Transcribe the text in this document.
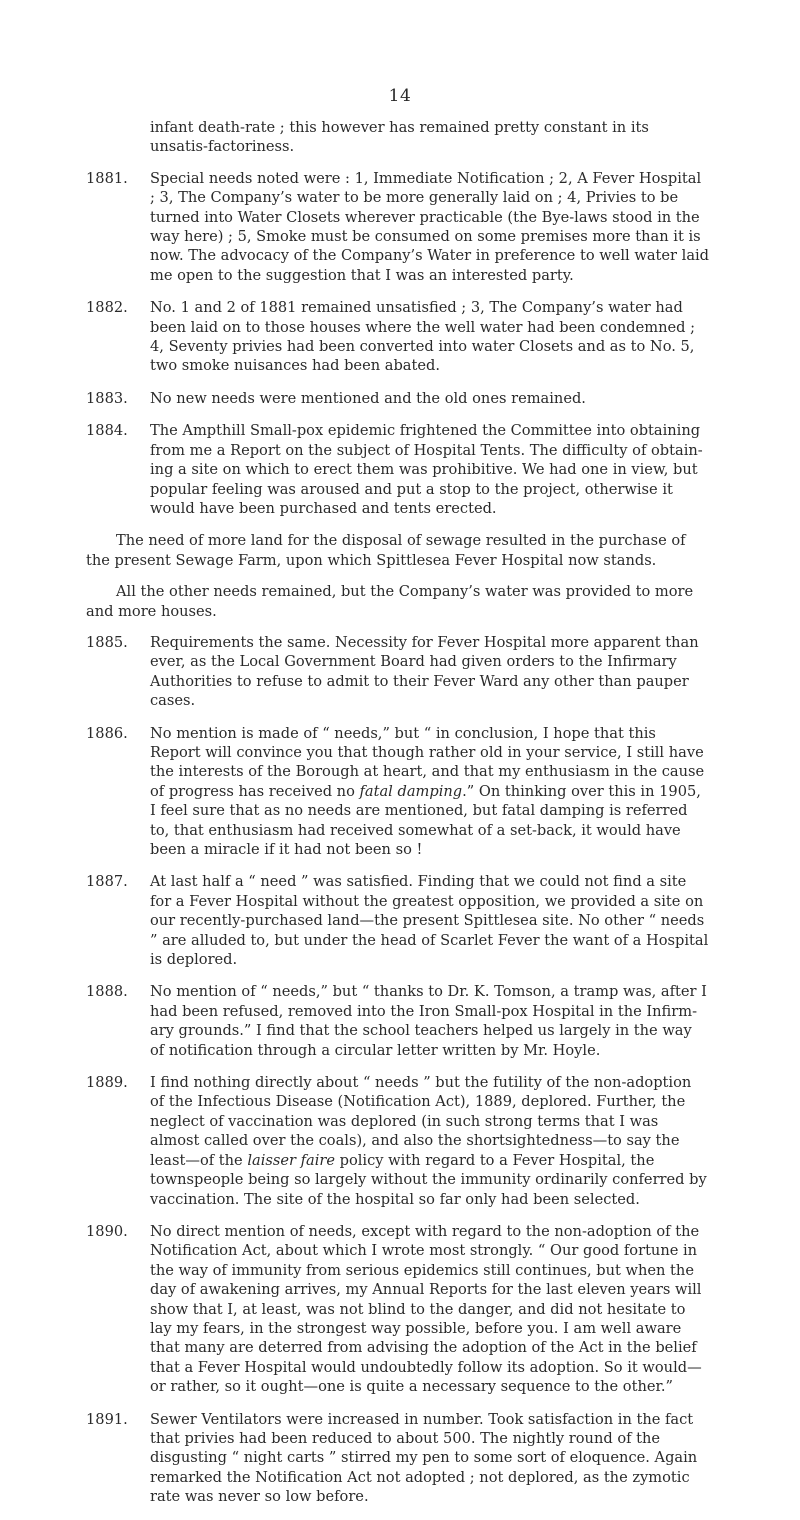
14
infant death-rate ; this however has remained pretty constant in its unsatis-factoriness.
1881.	Special needs noted were : 1, Immediate Notification ; 2, A Fever Hospital ; 3, The Company’s water to be more generally laid on ; 4, Privies to be turned into Water Closets wherever practicable (the Bye-laws stood in the way here) ; 5, Smoke must be consumed on some premises more than it is now. The advocacy of the Company’s Water in preference to well water laid me open to the suggestion that I was an interested party.
1882.	No. 1 and 2 of 1881 remained unsatisfied ; 3, The Company’s water had been laid on to those houses where the well water had been condemned ; 4, Seventy privies had been converted into water Closets and as to No. 5, two smoke nuisances had been abated.
1883.	No new needs were mentioned and the old ones remained.
1884.	The Ampthill Small-pox epidemic frightened the Committee into obtaining from me a Report on the subject of Hospital Tents. The difficulty of obtain-ing a site on which to erect them was prohibitive. We had one in view, but popular feeling was aroused and put a stop to the project, otherwise it would have been purchased and tents erected.
The need of more land for the disposal of sewage resulted in the purchase of the present Sewage Farm, upon which Spittlesea Fever Hospital now stands.
All the other needs remained, but the Company’s water was provided to more and more houses.
1885.	Requirements the same. Necessity for Fever Hospital more apparent than ever, as the Local Government Board had given orders to the Infirmary Authorities to refuse to admit to their Fever Ward any other than pauper cases.
1886.	No mention is made of “ needs,” but “ in conclusion, I hope that this Report will convince you that though rather old in your service, I still have the interests of the Borough at heart, and that my enthusiasm in the cause of progress has received no fatal damping.” On thinking over this in 1905, I feel sure that as no needs are mentioned, but fatal damping is referred to, that enthusiasm had received somewhat of a set-back, it would have been a miracle if it had not been so !
1887.	At last half a “ need ” was satisfied. Finding that we could not find a site for a Fever Hospital without the greatest opposition, we provided a site on our recently-purchased land—the present Spittlesea site. No other “ needs ” are alluded to, but under the head of Scarlet Fever the want of a Hospital is deplored.
1888.	No mention of “ needs,” but “ thanks to Dr. K. Tomson, a tramp was, after I had been refused, removed into the Iron Small-pox Hospital in the Infirm-ary grounds.” I find that the school teachers helped us largely in the way of notification through a circular letter written by Mr. Hoyle.
1889.	I find nothing directly about “ needs ” but the futility of the non-adoption of the Infectious Disease (Notification Act), 1889, deplored. Further, the neglect of vaccination was deplored (in such strong terms that I was almost called over the coals), and also the shortsightedness—to say the least—of the laisser faire policy with regard to a Fever Hospital, the townspeople being so largely without the immunity ordinarily conferred by vaccination. The site of the hospital so far only had been selected.
1890.	No direct mention of needs, except with regard to the non-adoption of the Notification Act, about which I wrote most strongly. “ Our good fortune in the way of immunity from serious epidemics still continues, but when the day of awakening arrives, my Annual Reports for the last eleven years will show that I, at least, was not blind to the danger, and did not hesitate to lay my fears, in the strongest way possible, before you. I am well aware that many are deterred from advising the adoption of the Act in the belief that a Fever Hospital would undoubtedly follow its adoption. So it would—or rather, so it ought—one is quite a necessary sequence to the other.”
1891.	Sewer Ventilators were increased in number. Took satisfaction in the fact that privies had been reduced to about 500. The nightly round of the disgusting “ night carts ” stirred my pen to some sort of eloquence. Again remarked the Notification Act not adopted ; not deplored, as the zymotic rate was never so low before.
